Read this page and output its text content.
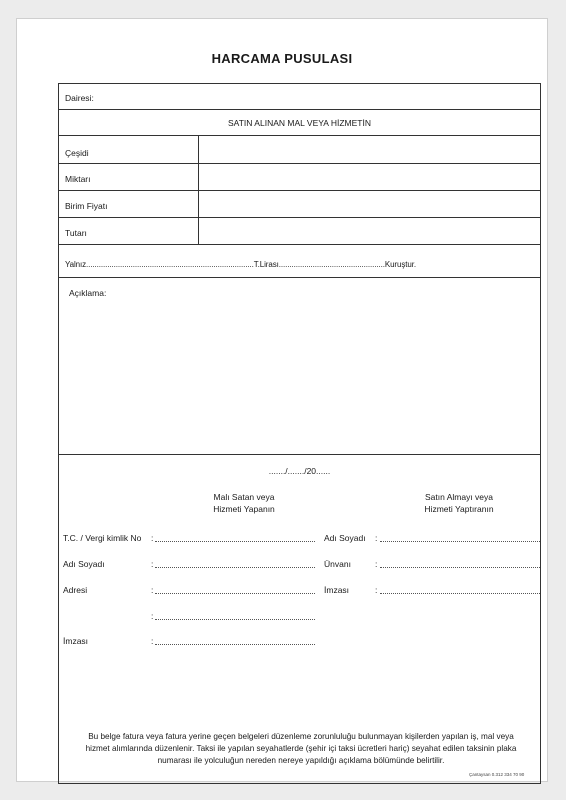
HARCAMA PUSULASI
Dairesi:
SATIN ALINAN MAL VEYA HİZMETİN
Çeşidi
Miktarı
Birim Fiyatı
Tutarı
Yalnız...............................................................................T.Lirası..................................................Kuruştur.
Açıklama:
......./......./20......
Malı Satan veya
Hizmeti Yapanın
Satın Almayı veya
Hizmeti Yaptıranın
T.C. / Vergi kimlik No :
Adı Soyadı	:
Adresi	:
:
İmzası	:
Adı Soyadı :
Ünvanı	:
İmzası	:
Bu belge fatura veya fatura yerine geçen belgeleri düzenleme zorunluluğu bulunmayan kişilerden yapılan iş, mal veya hizmet alımlarında düzenlenir. Taksi ile yapılan seyahatlerde (şehir içi taksi ücretleri hariç) seyahat edilen taksinin plaka numarası ile yolculuğun nereden nereye yapıldığı açıklama bölümünde belirtilir.
Çantaysan 0.312 334 70 90
